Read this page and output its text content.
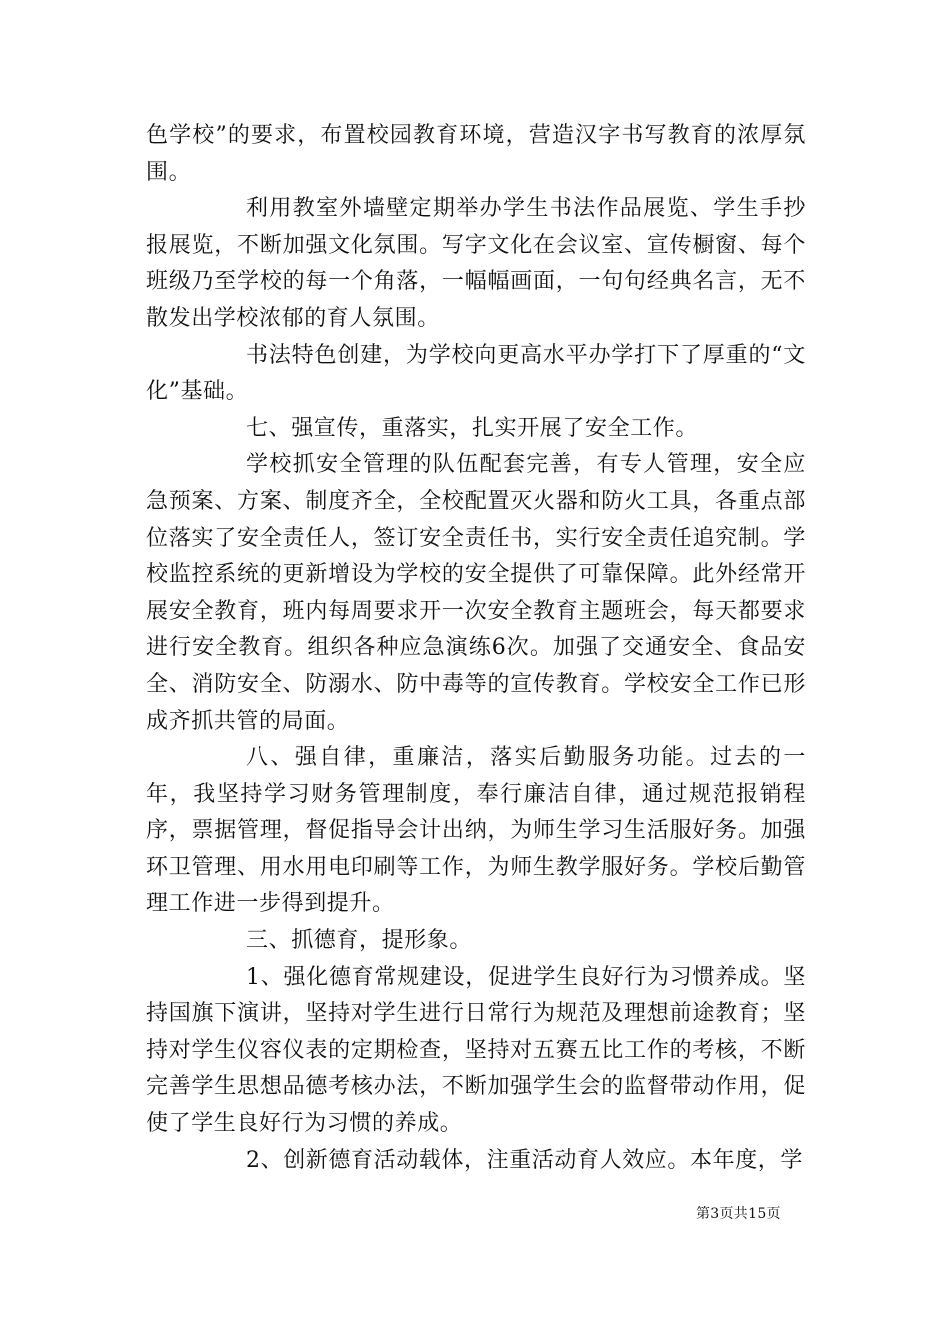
色学校”的要求，布置校园教育环境，营造汉字书写教育的浓厚氛围。

利用教室外墙壁定期举办学生书法作品展览、学生手抄报展览，不断加强文化氛围。写字文化在会议室、宣传橱窗、每个班级乃至学校的每一个角落，一幅幅画面，一句句经典名言，无不散发出学校浓郁的育人氛围。

书法特色创建，为学校向更高水平办学打下了厚重的“文化”基础。

七、强宣传，重落实，扎实开展了安全工作。

学校抓安全管理的队伍配套完善，有专人管理，安全应急预案、方案、制度齐全，全校配置灭火器和防火工具，各重点部位落实了安全责任人，签订安全责任书，实行安全责任追究制。学校监控系统的更新增设为学校的安全提供了可靠保障。此外经常开展安全教育，班内每周要求开一次安全教育主题班会，每天都要求进行安全教育。组织各种应急演练6次。加强了交通安全、食品安全、消防安全、防溺水、防中毒等的宣传教育。学校安全工作已形成齐抓共管的局面。

八、强自律，重廉洁，落实后勤服务功能。过去的一年，我坚持学习财务管理制度，奉行廉洁自律，通过规范报销程序，票据管理，督促指导会计出纳，为师生学习生活服好务。加强环卫管理、用水用电印刷等工作，为师生教学服好务。学校后勤管理工作进一步得到提升。

三、抓德育，提形象。

1、强化德育常规建设，促进学生良好行为习惯养成。坚持国旗下演讲，坚持对学生进行日常行为规范及理想前途教育；坚持对学生仪容仪表的定期检查，坚持对五赛五比工作的考核，不断完善学生思想品德考核办法，不断加强学生会的监督带动作用，促使了学生良好行为习惯的养成。

2、创新德育活动载体，注重活动育人效应。本年度，学

第3页共15页
